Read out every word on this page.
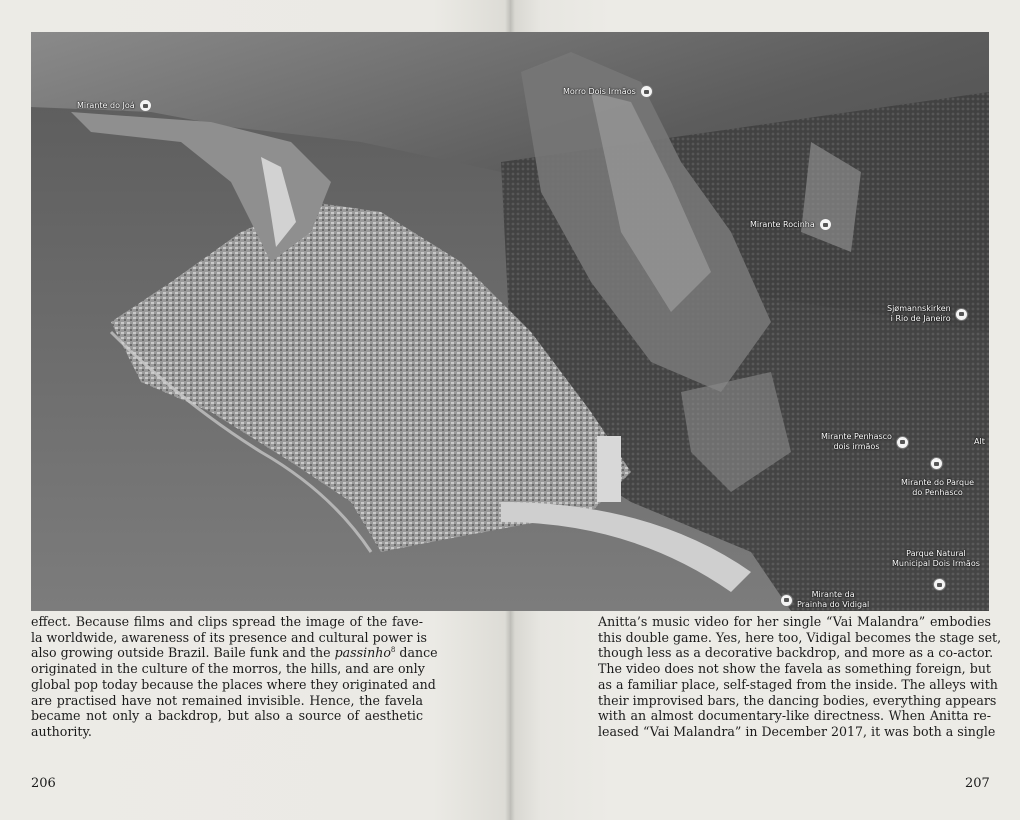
Mirante do Joá
Morro Dois Irmãos
Mirante Rocinha
Sjømannskirken
i Rio de Janeiro
Mirante Penhasco
dois irmãos
Mirante do Parque
do Penhasco
Parque Natural
Municipal Dois Irmãos
Mirante da
Prainha do Vidigal
Alt
effect. Because films and clips spread the image of the fave-
la worldwide, awareness of its presence and cultural power is
also growing outside Brazil. Baile funk and the passinho$^8$ dance
originated in the culture of the morros, the hills, and are only
global pop today because the places where they originated and
are practised have not remained invisible. Hence, the favela
became not only a backdrop, but also a source of aesthetic
authority.
Anitta’s music video for her single “Vai Malandra” embodies
this double game. Yes, here too, Vidigal becomes the stage set,
though less as a decorative backdrop, and more as a co-actor.
The video does not show the favela as something foreign, but
as a familiar place, self-staged from the inside. The alleys with
their improvised bars, the dancing bodies, everything appears
with an almost documentary-like directness. When Anitta re-
leased “Vai Malandra” in December 2017, it was both a single
206	207
